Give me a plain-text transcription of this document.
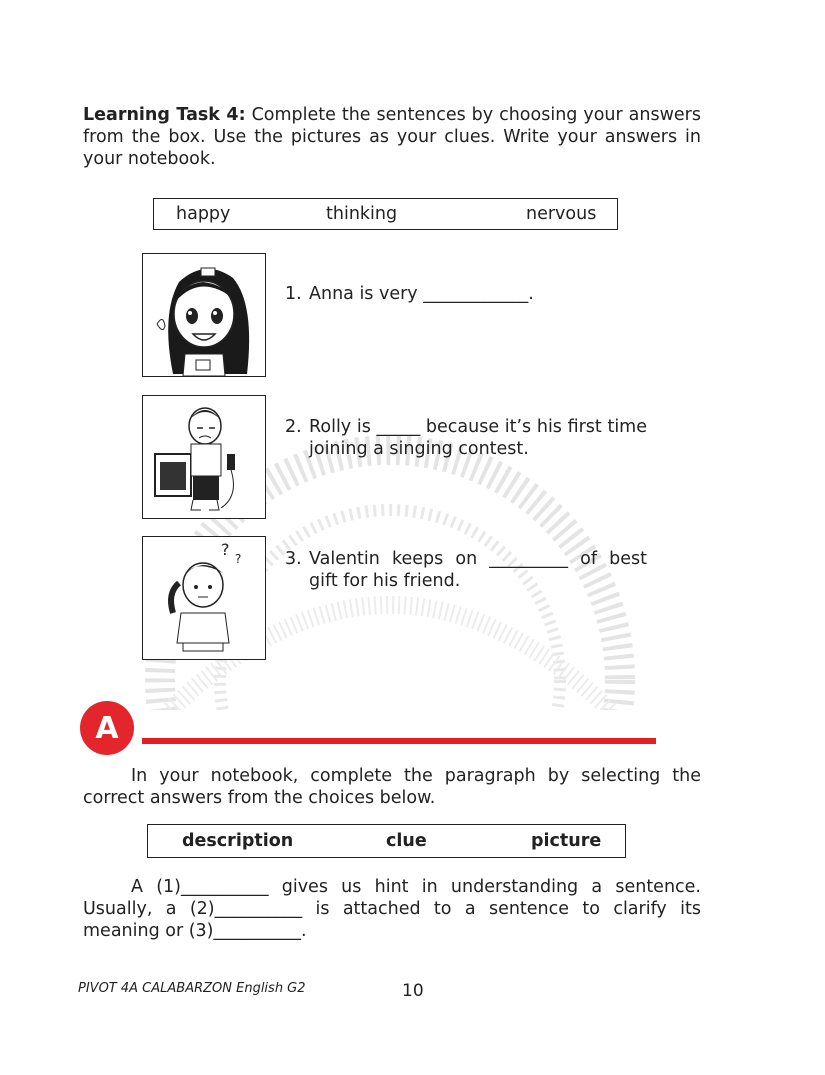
Learning Task 4: Complete the sentences by choosing your answers from the box. Use the pictures as your clues. Write your answers in your notebook.
happy	thinking	nervous
1. Anna is very ____________.
2. Rolly is _____ because it’s his first time joining a singing contest.
? ? 3. Valentin keeps on _________ of best gift for his friend.
A
In your notebook, complete the paragraph by selecting the correct answers from the choices below.
description	clue	picture
A (1)__________ gives us hint in understanding a sentence. Usually, a (2)__________ is attached to a sentence to clarify its meaning or (3)__________.
PIVOT 4A CALABARZON English G2	10
